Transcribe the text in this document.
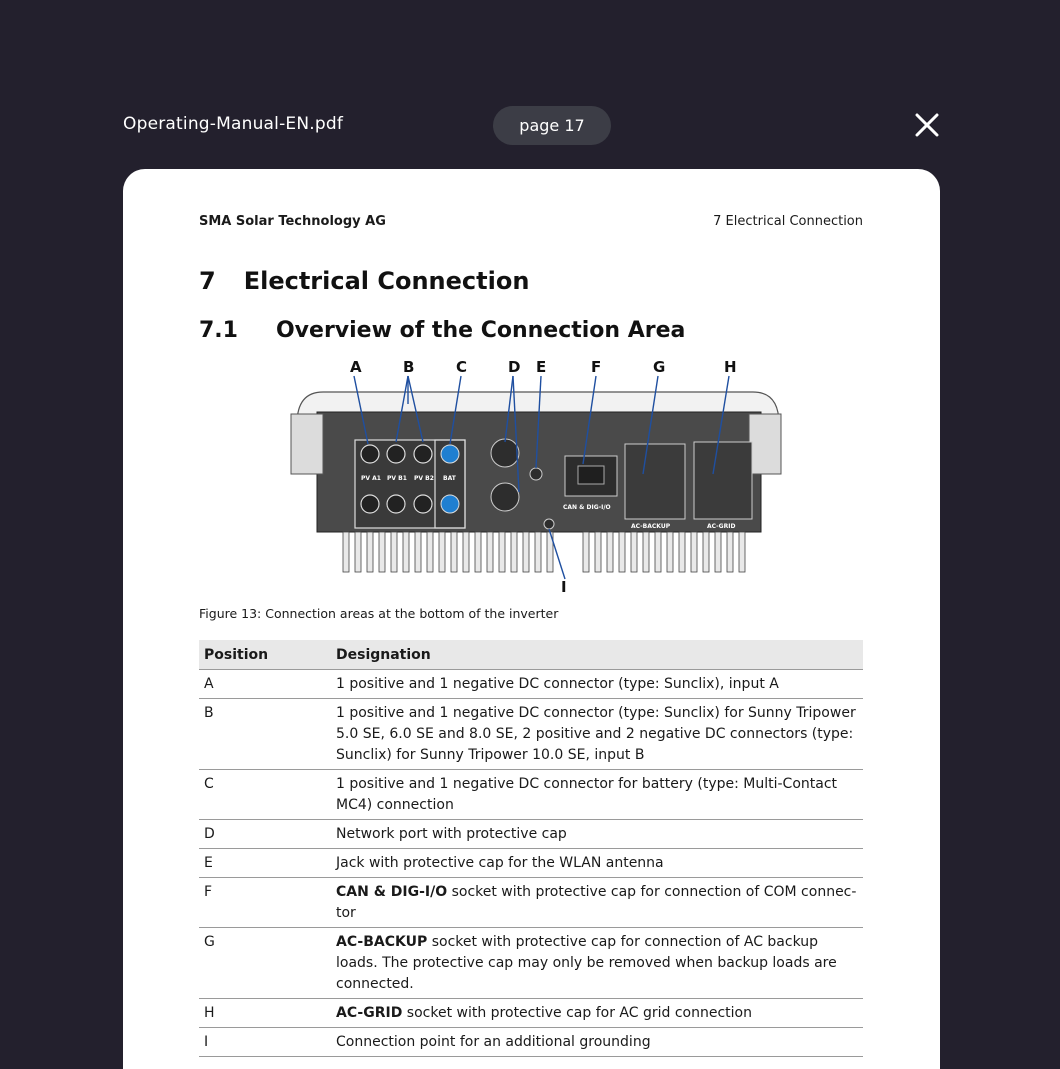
Operating-Manual-EN.pdf	page 17
SMA Solar Technology AG	7 Electrical Connection
7 Electrical Connection
7.1 Overview of the Connection Area
A	B	C	D E	F	G	H
I
PV A1 PV B1 PV B2 BAT
CAN & DIG-I/O
AC-BACKUP	AC-GRID
Figure 13: Connection areas at the bottom of the inverter
Position	Designation
A	1 positive and 1 negative DC connector (type: Sunclix), input A
B	1 positive and 1 negative DC connector (type: Sunclix) for Sunny Tripower 5.0 SE, 6.0 SE and 8.0 SE, 2 positive and 2 negative DC connectors (type: Sunclix) for Sunny Tripower 10.0 SE, input B
C	1 positive and 1 negative DC connector for battery (type: Multi-Contact MC4) connection
D	Network port with protective cap
E	Jack with protective cap for the WLAN antenna
F	CAN & DIG-I/O socket with protective cap for connection of COM connec-tor
G	AC-BACKUP socket with protective cap for connection of AC backup loads. The protective cap may only be removed when backup loads are connected.
H	AC-GRID socket with protective cap for AC grid connection
I	Connection point for an additional grounding
